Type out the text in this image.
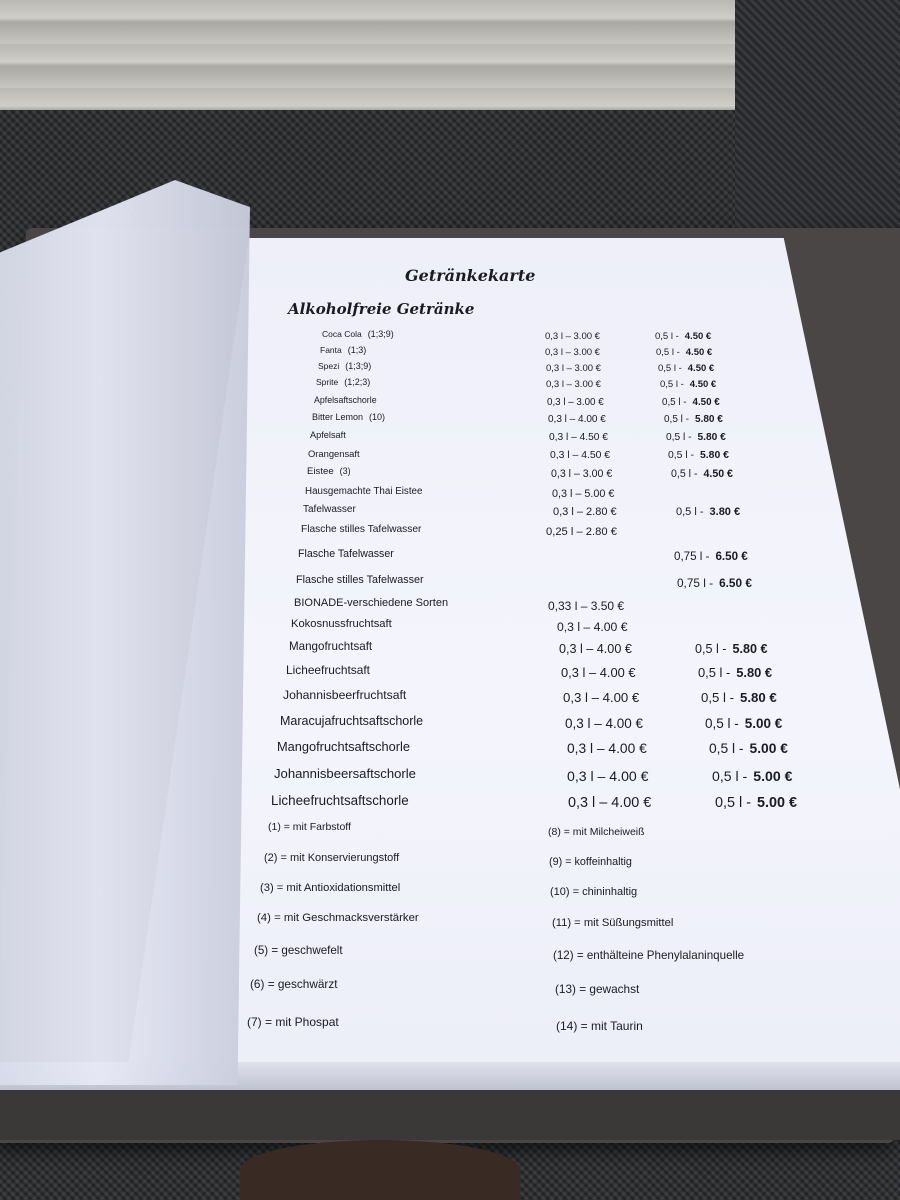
Getränkekarte
Alkoholfreie Getränke
Coca Cola (1;3;9)	0,3 l – 3.00 €	0,5 l - 4.50 €
Fanta (1;3)	0,3 l – 3.00 €	0,5 l - 4.50 €
Spezi (1;3;9)	0,3 l – 3.00 €	0,5 l - 4.50 €
Sprite (1;2;3)	0,3 l – 3.00 €	0,5 l - 4.50 €
Apfelsaftschorle	0,3 l – 3.00 €	0,5 l - 4.50 €
Bitter Lemon (10)	0,3 l – 4.00 €	0,5 l - 5.80 €
Apfelsaft	0,3 l – 4.50 €	0,5 l - 5.80 €
Orangensaft	0,3 l – 4.50 €	0,5 l - 5.80 €
Eistee (3)	0,3 l – 3.00 €	0,5 l - 4.50 €
Hausgemachte Thai Eistee	0,3 l – 5.00 €
Tafelwasser	0,3 l – 2.80 €	0,5 l - 3.80 €
Flasche stilles Tafelwasser	0,25 l – 2.80 €
Flasche Tafelwasser	0,75 l - 6.50 €
Flasche stilles Tafelwasser	0,75 l - 6.50 €
BIONADE-verschiedene Sorten	0,33 l – 3.50 €
Kokosnussfruchtsaft	0,3 l – 4.00 €
Mangofruchtsaft	0,3 l – 4.00 €	0,5 l - 5.80 €
Licheefruchtsaft	0,3 l – 4.00 €	0,5 l - 5.80 €
Johannisbeerfruchtsaft	0,3 l – 4.00 €	0,5 l - 5.80 €
Maracujafruchtsaftschorle	0,3 l – 4.00 €	0,5 l - 5.00 €
Mangofruchtsaftschorle	0,3 l – 4.00 €	0,5 l - 5.00 €
Johannisbeersaftschorle	0,3 l – 4.00 €	0,5 l - 5.00 €
Licheefruchtsaftschorle	0,3 l – 4.00 €	0,5 l - 5.00 €
(1) = mit Farbstoff
(2) = mit Konservierungstoff
(3) = mit Antioxidationsmittel
(4) = mit Geschmacksverstärker
(5) = geschwefelt
(6) = geschwärzt
(7) = mit Phospat
(8) = mit Milcheiweiß
(9) = koffeinhaltig
(10) = chininhaltig
(11) = mit Süßungsmittel
(12) = enthälteine Phenylalaninquelle
(13) = gewachst
(14) = mit Taurin
